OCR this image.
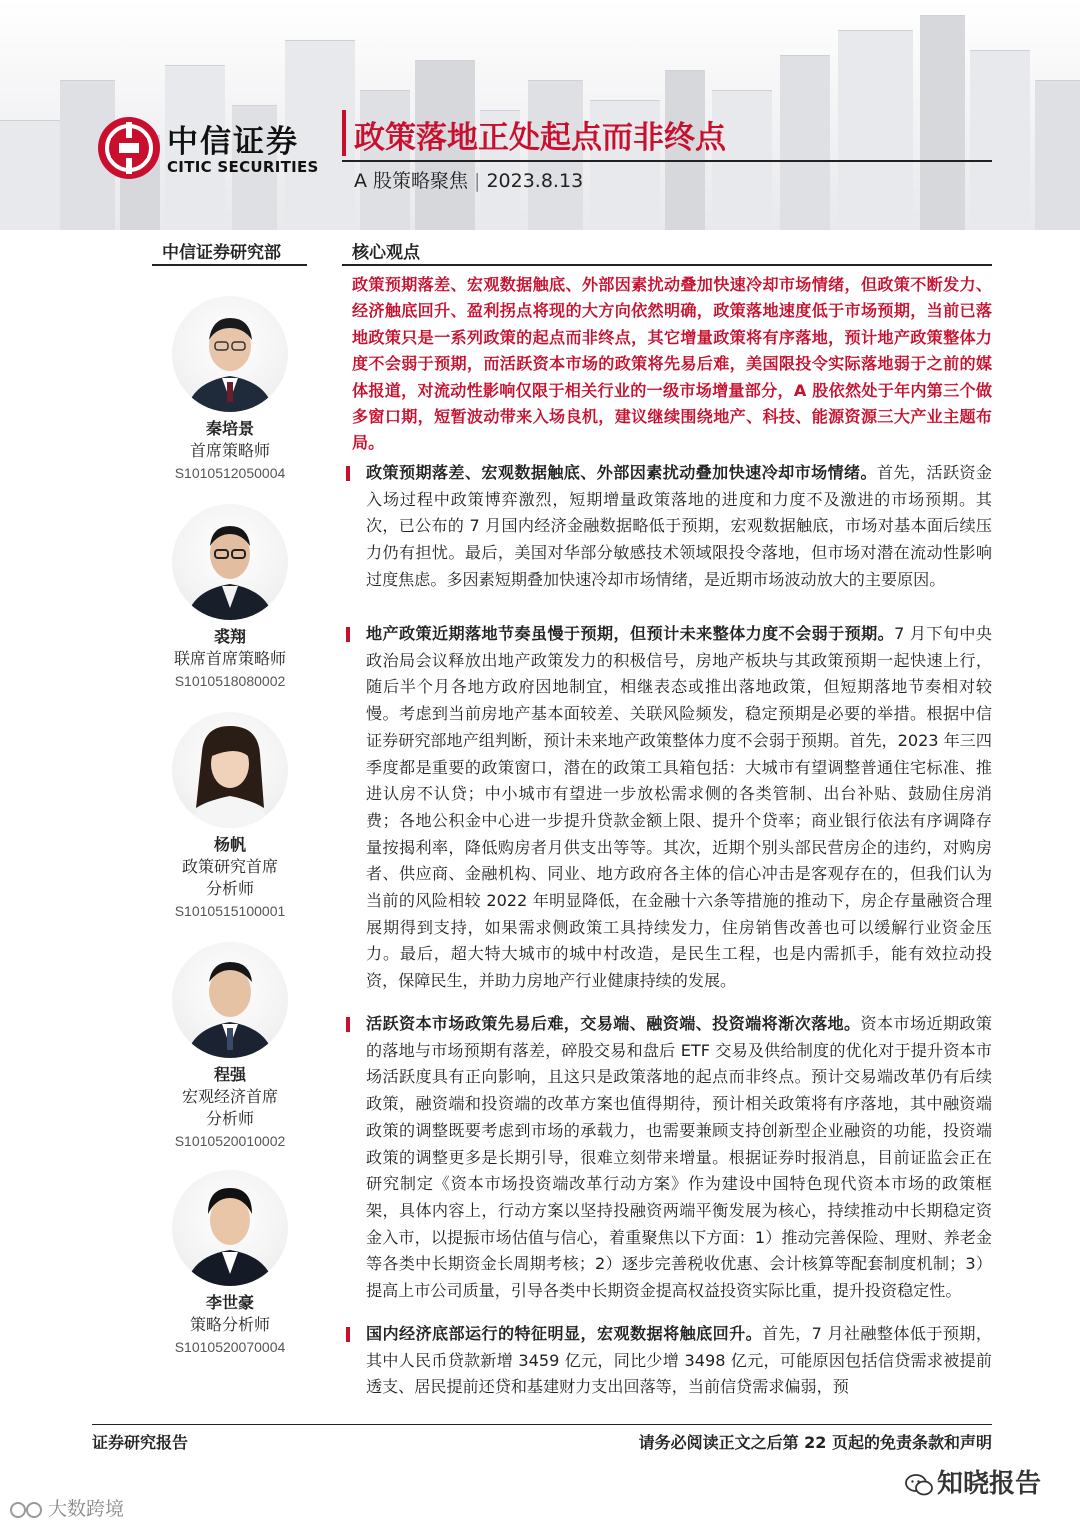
中信证券
CITIC SECURITIES
政策落地正处起点而非终点
A 股策略聚焦 | 2023.8.13
中信证券研究部
秦培景
首席策略师
S1010512050004
裘翔
联席首席策略师
S1010518080002
杨帆
政策研究首席
分析师
S1010515100001
程强
宏观经济首席
分析师
S1010520010002
李世豪
策略分析师
S1010520070004
核心观点
政策预期落差、宏观数据触底、外部因素扰动叠加快速冷却市场情绪，但政策不断发力、经济触底回升、盈利拐点将现的大方向依然明确，政策落地速度低于市场预期，当前已落地政策只是一系列政策的起点而非终点，其它增量政策将有序落地，预计地产政策整体力度不会弱于预期，而活跃资本市场的政策将先易后难，美国限投令实际落地弱于之前的媒体报道，对流动性影响仅限于相关行业的一级市场增量部分，A 股依然处于年内第三个做多窗口期，短暂波动带来入场良机，建议继续围绕地产、科技、能源资源三大产业主题布局。
政策预期落差、宏观数据触底、外部因素扰动叠加快速冷却市场情绪。首先，活跃资金入场过程中政策博弈激烈，短期增量政策落地的进度和力度不及激进的市场预期。其次，已公布的 7 月国内经济金融数据略低于预期，宏观数据触底，市场对基本面后续压力仍有担忧。最后，美国对华部分敏感技术领域限投令落地，但市场对潜在流动性影响过度焦虑。多因素短期叠加快速冷却市场情绪，是近期市场波动放大的主要原因。
地产政策近期落地节奏虽慢于预期，但预计未来整体力度不会弱于预期。7 月下旬中央政治局会议释放出地产政策发力的积极信号，房地产板块与其政策预期一起快速上行，随后半个月各地方政府因地制宜，相继表态或推出落地政策，但短期落地节奏相对较慢。考虑到当前房地产基本面较差、关联风险频发，稳定预期是必要的举措。根据中信证券研究部地产组判断，预计未来地产政策整体力度不会弱于预期。首先，2023 年三四季度都是重要的政策窗口，潜在的政策工具箱包括：大城市有望调整普通住宅标准、推进认房不认贷；中小城市有望进一步放松需求侧的各类管制、出台补贴、鼓励住房消费；各地公积金中心进一步提升贷款金额上限、提升个贷率；商业银行依法有序调降存量按揭利率，降低购房者月供支出等等。其次，近期个别头部民营房企的违约，对购房者、供应商、金融机构、同业、地方政府各主体的信心冲击是客观存在的，但我们认为当前的风险相较 2022 年明显降低，在金融十六条等措施的推动下，房企存量融资合理展期得到支持，如果需求侧政策工具持续发力，住房销售改善也可以缓解行业资金压力。最后，超大特大城市的城中村改造，是民生工程，也是内需抓手，能有效拉动投资，保障民生，并助力房地产行业健康持续的发展。
活跃资本市场政策先易后难，交易端、融资端、投资端将渐次落地。资本市场近期政策的落地与市场预期有落差，碎股交易和盘后 ETF 交易及供给制度的优化对于提升资本市场活跃度具有正向影响，且这只是政策落地的起点而非终点。预计交易端改革仍有后续政策，融资端和投资端的改革方案也值得期待，预计相关政策将有序落地，其中融资端政策的调整既要考虑到市场的承载力，也需要兼顾支持创新型企业融资的功能，投资端政策的调整更多是长期引导，很难立刻带来增量。根据证券时报消息，目前证监会正在研究制定《资本市场投资端改革行动方案》作为建设中国特色现代资本市场的政策框架，具体内容上，行动方案以坚持投融资两端平衡发展为核心，持续推动中长期稳定资金入市，以提振市场估值与信心，着重聚焦以下方面：1）推动完善保险、理财、养老金等各类中长期资金长周期考核；2）逐步完善税收优惠、会计核算等配套制度机制；3）提高上市公司质量，引导各类中长期资金提高权益投资实际比重，提升投资稳定性。
国内经济底部运行的特征明显，宏观数据将触底回升。首先，7 月社融整体低于预期，其中人民币贷款新增 3459 亿元，同比少增 3498 亿元，可能原因包括信贷需求被提前透支、居民提前还贷和基建财力支出回落等，当前信贷需求偏弱，预
证券研究报告	请务必阅读正文之后第 22 页起的免责条款和声明
知晓报告
大数跨境
